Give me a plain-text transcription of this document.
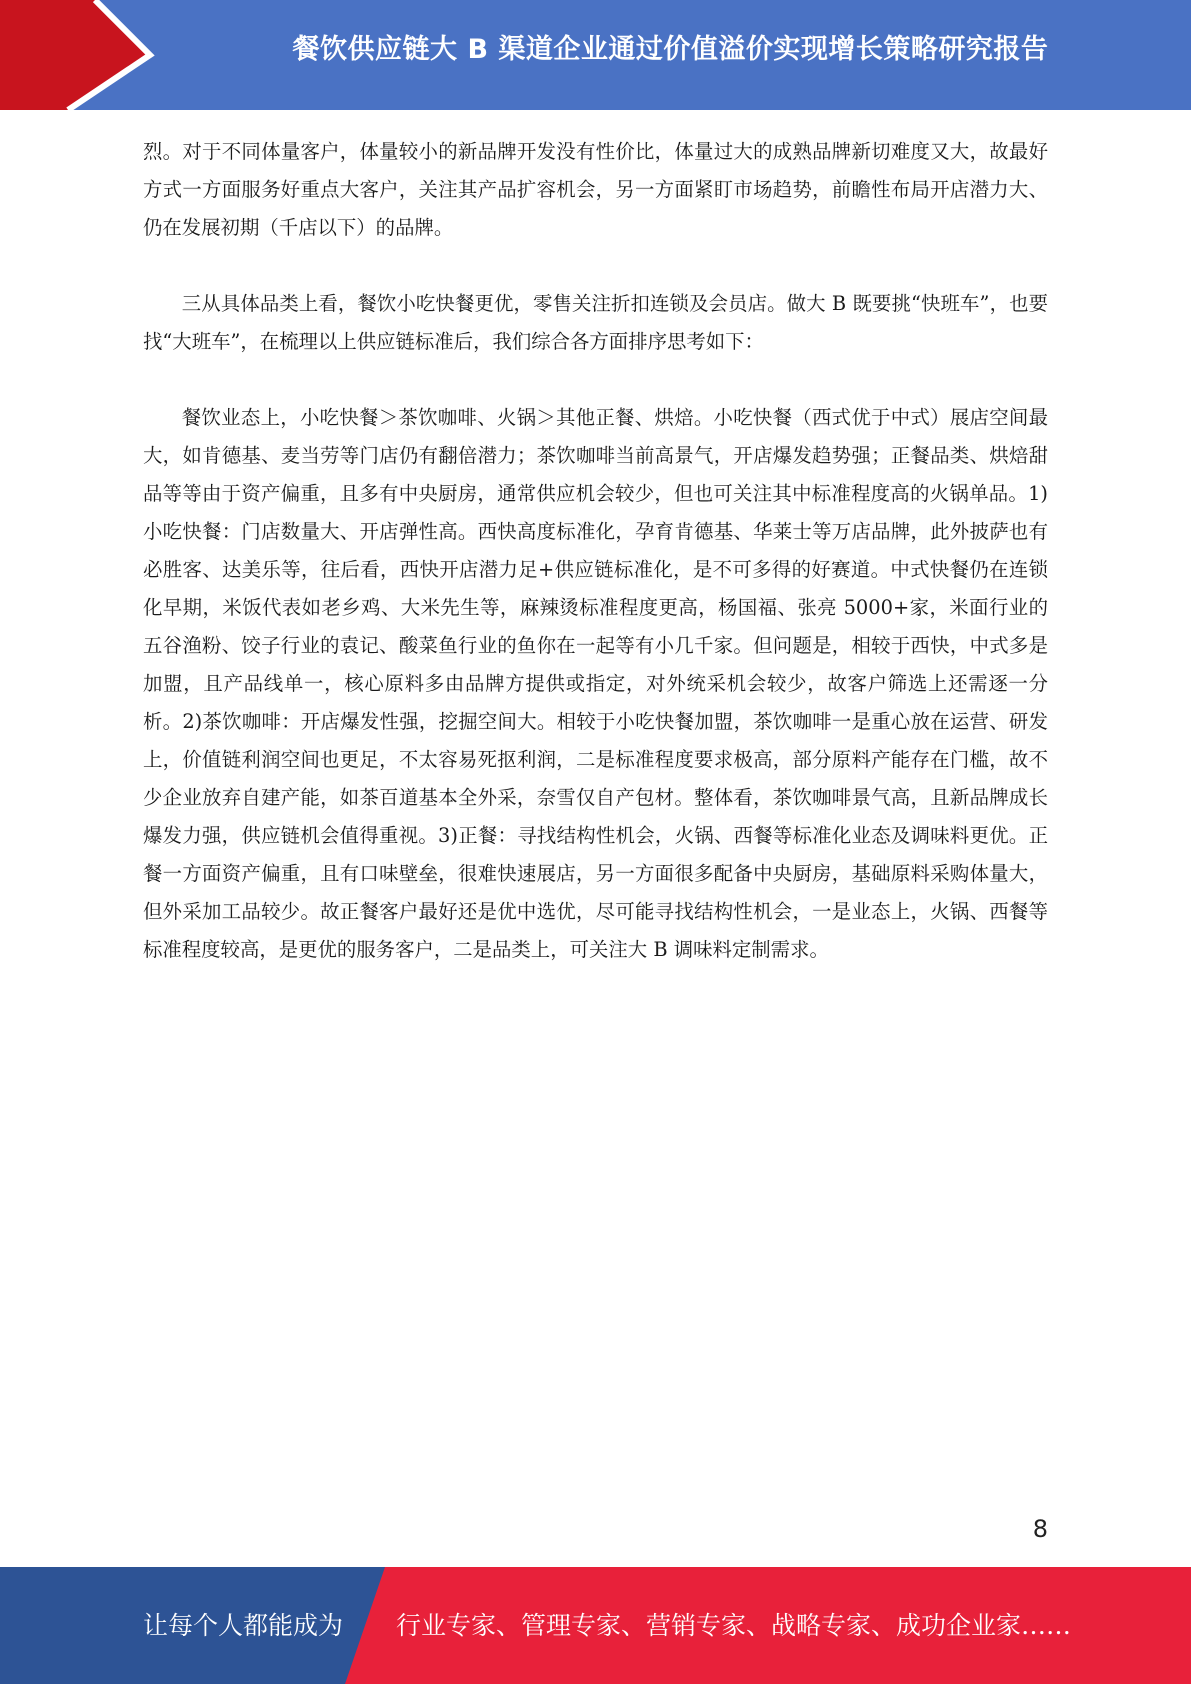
餐饮供应链大 B 渠道企业通过价值溢价实现增长策略研究报告

烈。对于不同体量客户，体量较小的新品牌开发没有性价比，体量过大的成熟品牌新切难度又大，故最好方式一方面服务好重点大客户，关注其产品扩容机会，另一方面紧盯市场趋势，前瞻性布局开店潜力大、仍在发展初期（千店以下）的品牌。

三从具体品类上看，餐饮小吃快餐更优，零售关注折扣连锁及会员店。做大 B 既要挑“快班车”，也要找“大班车”，在梳理以上供应链标准后，我们综合各方面排序思考如下：

餐饮业态上，小吃快餐＞茶饮咖啡、火锅＞其他正餐、烘焙。小吃快餐（西式优于中式）展店空间最大，如肯德基、麦当劳等门店仍有翻倍潜力；茶饮咖啡当前高景气，开店爆发趋势强；正餐品类、烘焙甜品等等由于资产偏重，且多有中央厨房，通常供应机会较少，但也可关注其中标准程度高的火锅单品。1)小吃快餐：门店数量大、开店弹性高。西快高度标准化，孕育肯德基、华莱士等万店品牌，此外披萨也有必胜客、达美乐等，往后看，西快开店潜力足+供应链标准化，是不可多得的好赛道。中式快餐仍在连锁化早期，米饭代表如老乡鸡、大米先生等，麻辣烫标准程度更高，杨国福、张亮 5000+家，米面行业的五谷渔粉、饺子行业的袁记、酸菜鱼行业的鱼你在一起等有小几千家。但问题是，相较于西快，中式多是加盟，且产品线单一，核心原料多由品牌方提供或指定，对外统采机会较少，故客户筛选上还需逐一分析。2)茶饮咖啡：开店爆发性强，挖掘空间大。相较于小吃快餐加盟，茶饮咖啡一是重心放在运营、研发上，价值链利润空间也更足，不太容易死抠利润，二是标准程度要求极高，部分原料产能存在门槛，故不少企业放弃自建产能，如茶百道基本全外采，奈雪仅自产包材。整体看，茶饮咖啡景气高，且新品牌成长爆发力强，供应链机会值得重视。3)正餐：寻找结构性机会，火锅、西餐等标准化业态及调味料更优。正餐一方面资产偏重，且有口味壁垒，很难快速展店，另一方面很多配备中央厨房，基础原料采购体量大，但外采加工品较少。故正餐客户最好还是优中选优，尽可能寻找结构性机会，一是业态上，火锅、西餐等标准程度较高，是更优的服务客户，二是品类上，可关注大 B 调味料定制需求。

8
让每个人都能成为 行业专家、管理专家、营销专家、战略专家、成功企业家……
